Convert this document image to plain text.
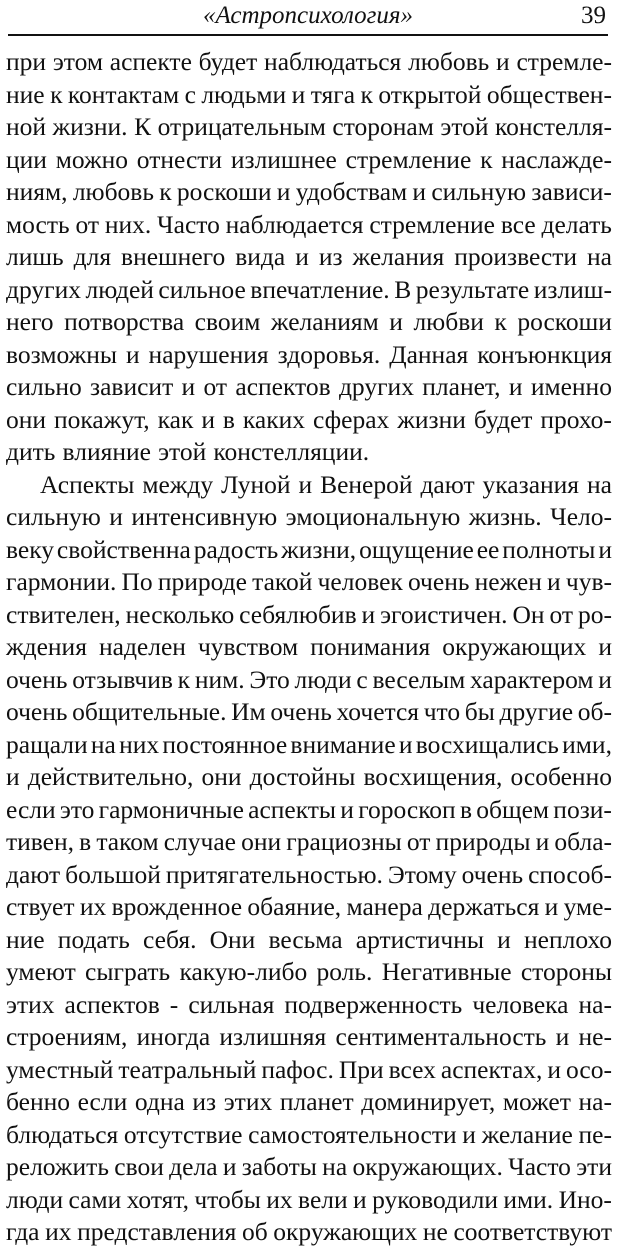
«Астропсихология»	39
при этом аспекте будет наблюдаться любовь и стремле-
ние к контактам с людьми и тяга к открытой обществен-
ной жизни. К отрицательным сторонам этой констелля-
ции можно отнести излишнее стремление к наслажде-
ниям, любовь к роскоши и удобствам и сильную зависи-
мость от них. Часто наблюдается стремление все делать
лишь для внешнего вида и из желания произвести на
других людей сильное впечатление. В результате излиш-
него потворства своим желаниям и любви к роскоши
возможны и нарушения здоровья. Данная конъюнкция
сильно зависит и от аспектов других планет, и именно
они покажут, как и в каких сферах жизни будет прохо-
дить влияние этой констелляции.
Аспекты между Луной и Венерой дают указания на
сильную и интенсивную эмоциональную жизнь. Чело-
веку свойственна радость жизни, ощущение ее полноты и
гармонии. По природе такой человек очень нежен и чув-
ствителен, несколько себялюбив и эгоистичен. Он от ро-
ждения наделен чувством понимания окружающих и
очень отзывчив к ним. Это люди с веселым характером и
очень общительные. Им очень хочется что бы другие об-
ращали на них постоянное внимание и восхищались ими,
и действительно, они достойны восхищения, особенно
если это гармоничные аспекты и гороскоп в общем пози-
тивен, в таком случае они грациозны от природы и обла-
дают большой притягательностью. Этому очень способ-
ствует их врожденное обаяние, манера держаться и уме-
ние подать себя. Они весьма артистичны и неплохо
умеют сыграть какую-либо роль. Негативные стороны
этих аспектов - сильная подверженность человека на-
строениям, иногда излишняя сентиментальность и не-
уместный театральный пафос. При всех аспектах, и осо-
бенно если одна из этих планет доминирует, может на-
блюдаться отсутствие самостоятельности и желание пе-
реложить свои дела и заботы на окружающих. Часто эти
люди сами хотят, чтобы их вели и руководили ими. Ино-
гда их представления об окружающих не соответствуют
